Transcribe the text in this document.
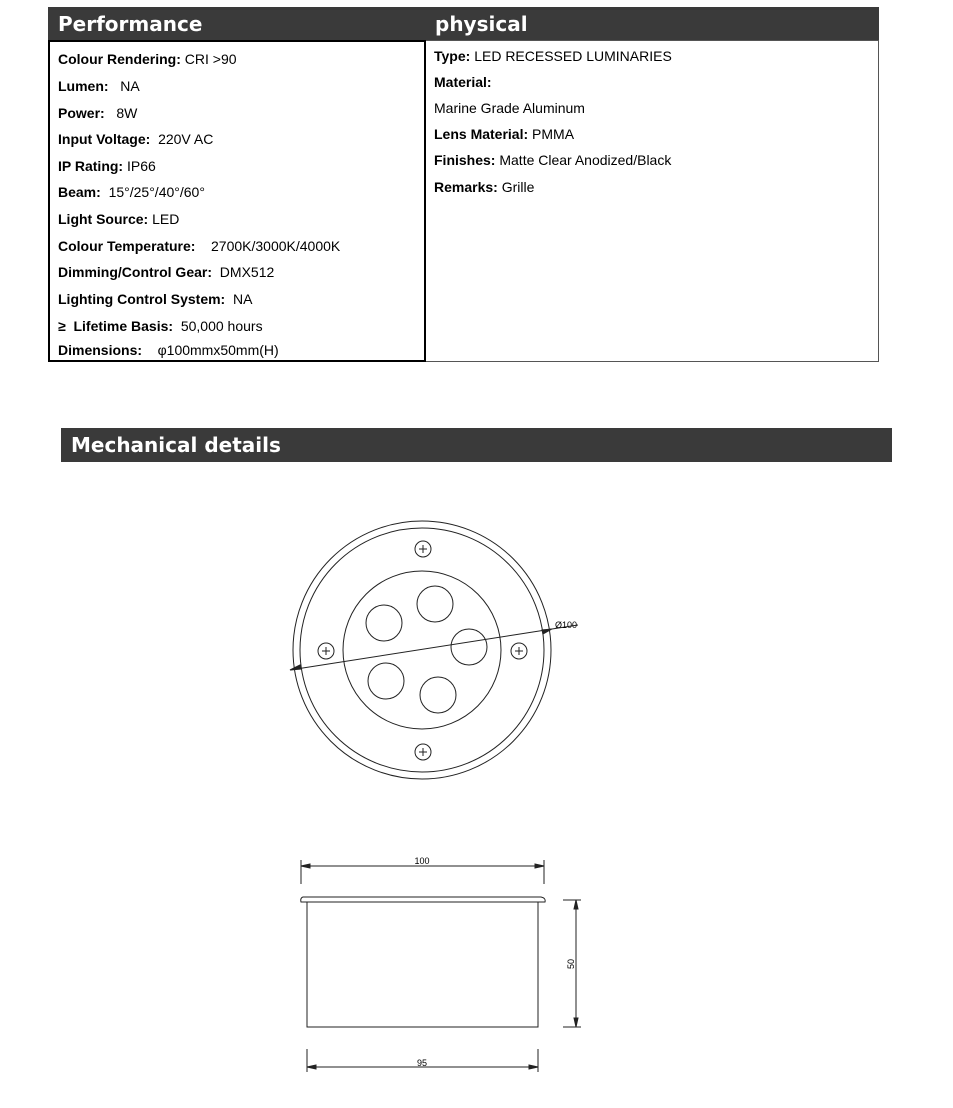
Performance	physical
Colour Rendering: CRI >90
Lumen:   NA
Power:   8W
Input Voltage:  220V AC
IP Rating: IP66
Beam:  15°/25°/40°/60°
Light Source: LED
Colour Temperature:    2700K/3000K/4000K
Dimming/Control Gear:  DMX512
Lighting Control System:  NA
≥  Lifetime Basis:  50,000 hours
Dimensions:    φ100mmx50mm(H)
Type: LED RECESSED LUMINARIES
Material:
Marine Grade Aluminum
Lens Material: PMMA
Finishes: Matte Clear Anodized/Black
Remarks: Grille
Mechanical details
Ø100
100
50
95
